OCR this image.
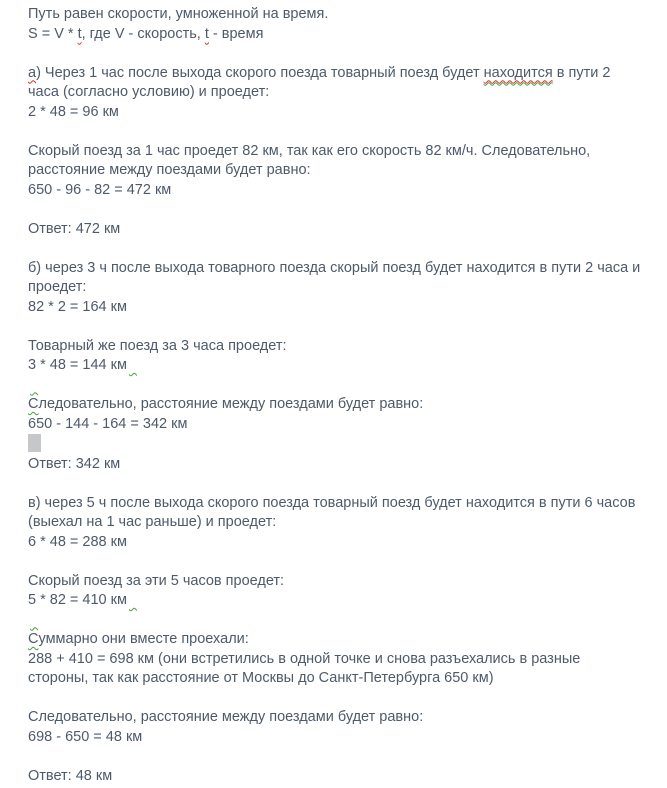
Путь равен скорости, умноженной на время.
S = V * t, где V - скорость, t - время
а) Через 1 час после выхода скорого поезда товарный поезд будет находится в пути 2 часа (согласно условию) и проедет:
2 * 48 = 96 км
Скорый поезд за 1 час проедет 82 км, так как его скорость 82 км/ч. Следовательно, расстояние между поездами будет равно:
650 - 96 - 82 = 472 км
Ответ: 472 км
б) через 3 ч после выхода товарного поезда скорый поезд будет находится в пути 2 часа и проедет:
82 * 2 = 164 км
Товарный же поезд за 3 часа проедет:
3 * 48 = 144 км

Следовательно, расстояние между поездами будет равно:
650 - 144 - 164 = 342 км
Ответ: 342 км
в) через 5 ч после выхода скорого поезда товарный поезд будет находится в пути 6 часов (выехал на 1 час раньше) и проедет:
6 * 48 = 288 км
Скорый поезд за эти 5 часов проедет:
5 * 82 = 410 км

Суммарно они вместе проехали:
288 + 410 = 698 км (они встретились в одной точке и снова разъехались в разные стороны, так как расстояние от Москвы до Санкт-Петербурга 650 км)
Следовательно, расстояние между поездами будет равно:
698 - 650 = 48 км
Ответ: 48 км
